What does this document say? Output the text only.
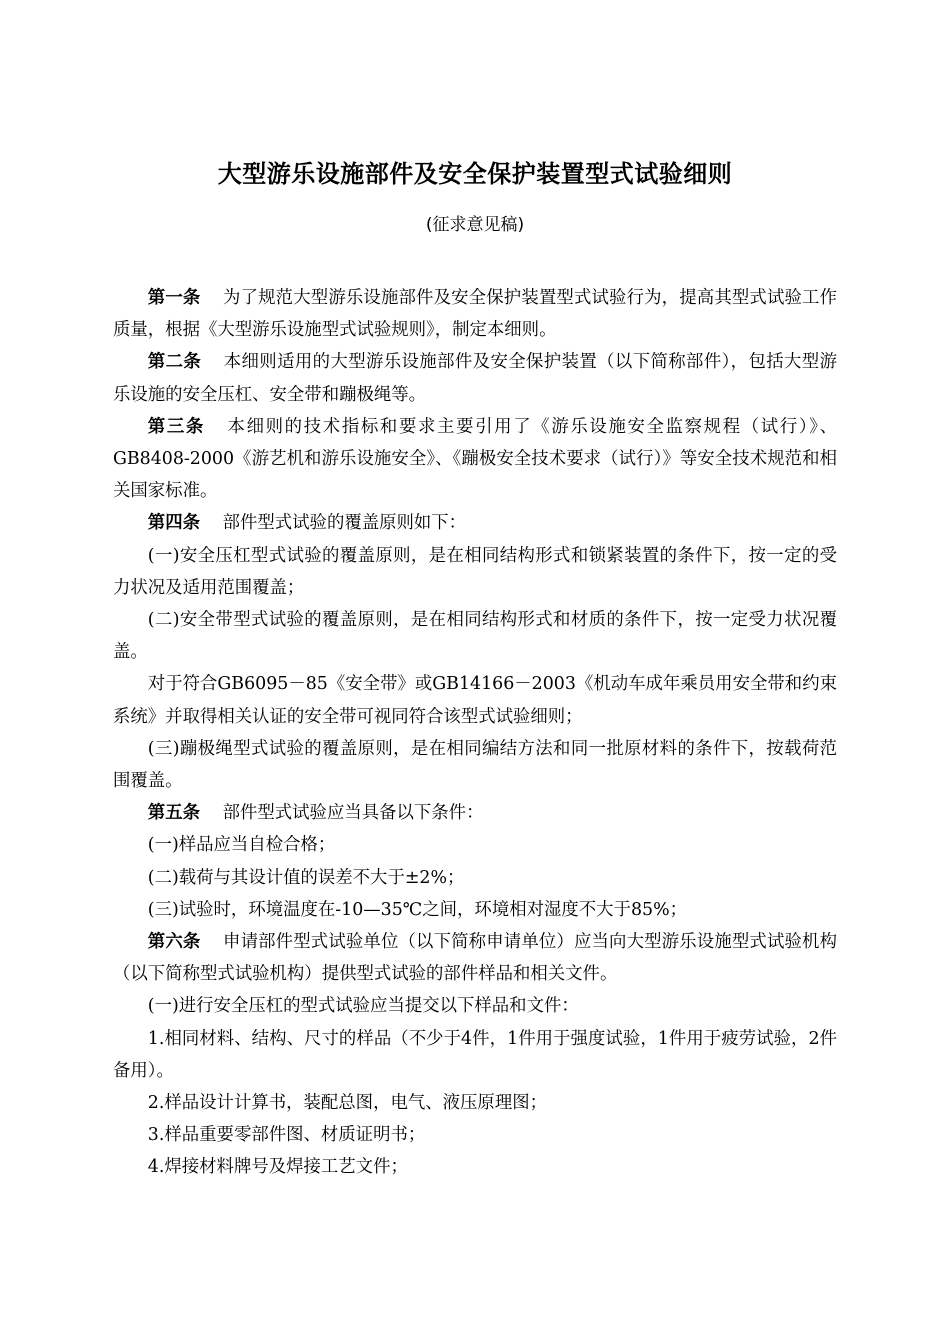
大型游乐设施部件及安全保护装置型式试验细则
(征求意见稿)

第一条 为了规范大型游乐设施部件及安全保护装置型式试验行为，提高其型式试验工作质量，根据《大型游乐设施型式试验规则》，制定本细则。

第二条 本细则适用的大型游乐设施部件及安全保护装置（以下简称部件），包括大型游乐设施的安全压杠、安全带和蹦极绳等。

第三条 本细则的技术指标和要求主要引用了《游乐设施安全监察规程（试行）》、GB8408-2000《游艺机和游乐设施安全》、《蹦极安全技术要求（试行）》等安全技术规范和相关国家标准。

第四条 部件型式试验的覆盖原则如下：

(一)安全压杠型式试验的覆盖原则，是在相同结构形式和锁紧装置的条件下，按一定的受力状况及适用范围覆盖；

(二)安全带型式试验的覆盖原则，是在相同结构形式和材质的条件下，按一定受力状况覆盖。

对于符合GB6095－85《安全带》或GB14166－2003《机动车成年乘员用安全带和约束系统》并取得相关认证的安全带可视同符合该型式试验细则；

(三)蹦极绳型式试验的覆盖原则，是在相同编结方法和同一批原材料的条件下，按载荷范围覆盖。

第五条 部件型式试验应当具备以下条件：

(一)样品应当自检合格；

(二)载荷与其设计值的误差不大于±2%；

(三)试验时，环境温度在-10—35℃之间，环境相对湿度不大于85%；

第六条 申请部件型式试验单位（以下简称申请单位）应当向大型游乐设施型式试验机构（以下简称型式试验机构）提供型式试验的部件样品和相关文件。

(一)进行安全压杠的型式试验应当提交以下样品和文件：

1.相同材料、结构、尺寸的样品（不少于4件，1件用于强度试验，1件用于疲劳试验，2件备用）。

2.样品设计计算书，装配总图，电气、液压原理图；

3.样品重要零部件图、材质证明书；

4.焊接材料牌号及焊接工艺文件；
